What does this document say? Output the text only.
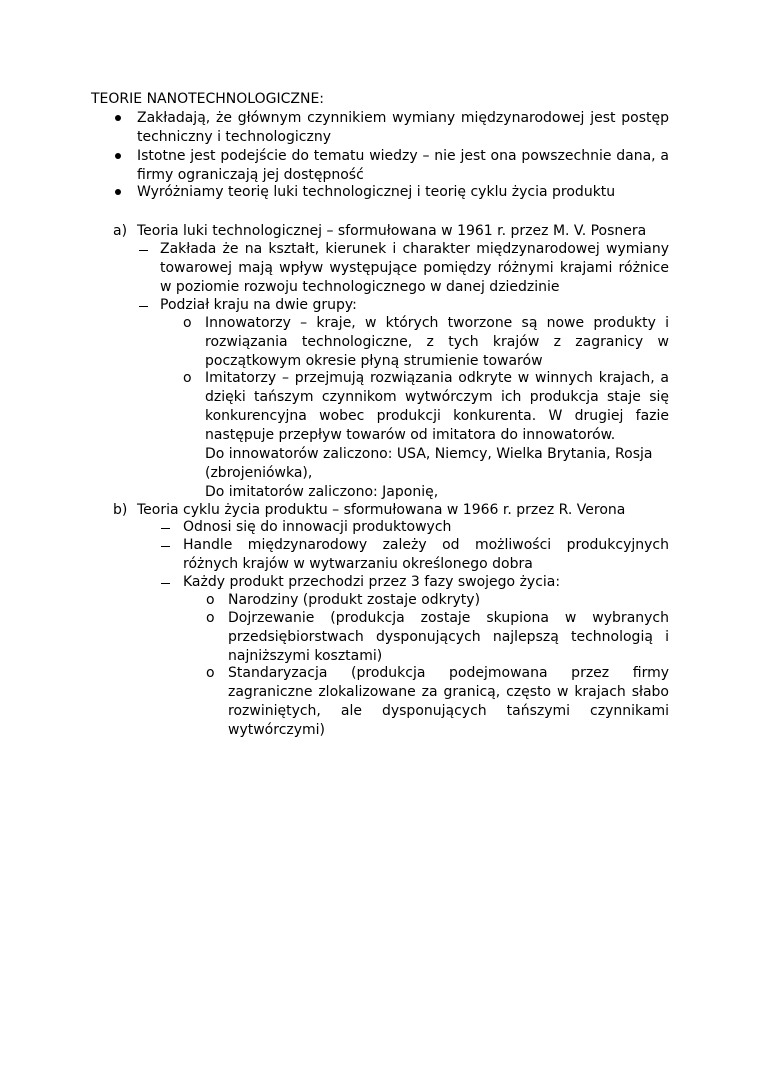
TEORIE NANOTECHNOLOGICZNE:
Zakładają, że głównym czynnikiem wymiany międzynarodowej jest postęp
techniczny i technologiczny
Istotne jest podejście do tematu wiedzy – nie jest ona powszechnie dana, a
firmy ograniczają jej dostępność
Wyróżniamy teorię luki technologicznej i teorię cyklu życia produktu
a) Teoria luki technologicznej – sformułowana w 1961 r. przez M. V. Posnera
Zakłada że na kształt, kierunek i charakter międzynarodowej wymiany
towarowej mają wpływ występujące pomiędzy różnymi krajami różnice
w poziomie rozwoju technologicznego w danej dziedzinie
Podział kraju na dwie grupy:
o Innowatorzy – kraje, w których tworzone są nowe produkty i
rozwiązania technologiczne, z tych krajów z zagranicy w
początkowym okresie płyną strumienie towarów
o Imitatorzy – przejmują rozwiązania odkryte w winnych krajach, a
dzięki tańszym czynnikom wytwórczym ich produkcja staje się
konkurencyjna wobec produkcji konkurenta. W drugiej fazie
następuje przepływ towarów od imitatora do innowatorów.
Do innowatorów zaliczono: USA, Niemcy, Wielka Brytania, Rosja
(zbrojeniówka),
Do imitatorów zaliczono: Japonię,
b) Teoria cyklu życia produktu – sformułowana w 1966 r. przez R. Verona
Odnosi się do innowacji produktowych
Handle międzynarodowy zależy od możliwości produkcyjnych
różnych krajów w wytwarzaniu określonego dobra
Każdy produkt przechodzi przez 3 fazy swojego życia:
o Narodziny (produkt zostaje odkryty)
o Dojrzewanie (produkcja zostaje skupiona w wybranych
przedsiębiorstwach dysponujących najlepszą technologią i
najniższymi kosztami)
o Standaryzacja (produkcja podejmowana przez firmy
zagraniczne zlokalizowane za granicą, często w krajach słabo
rozwiniętych, ale dysponujących tańszymi czynnikami
wytwórczymi)
